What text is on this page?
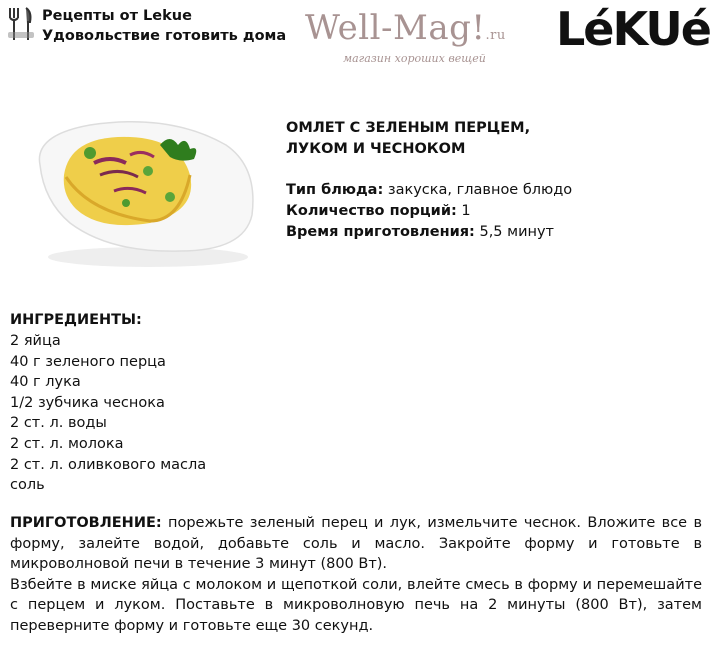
Рецепты от Lekue
Удовольствие готовить дома Well-Mag!.ru
магазин хороших вещей
LéKUé
ОМЛЕТ С ЗЕЛЕНЫМ ПЕРЦЕМ, ЛУКОМ И ЧЕСНОКОМ
Тип блюда: закуска, главное блюдо
Количество порций: 1
Время приготовления: 5,5 минут
ИНГРЕДИЕНТЫ:
2 яйца
40 г зеленого перца
40 г лука
1/2 зубчика чеснока
2 ст. л. воды
2 ст. л. молока
2 ст. л. оливкового масла
соль
ПРИГОТОВЛЕНИЕ: порежьте зеленый перец и лук, измельчите чеснок. Вложите все в форму, залейте водой, добавьте соль и масло. Закройте форму и готовьте в микроволновой печи в течение 3 минут (800 Вт).
Взбейте в миске яйца с молоком и щепоткой соли, влейте смесь в форму и перемешайте с перцем и луком. Поставьте в микроволновую печь на 2 минуты (800 Вт), затем переверните форму и готовьте еще 30 секунд.
